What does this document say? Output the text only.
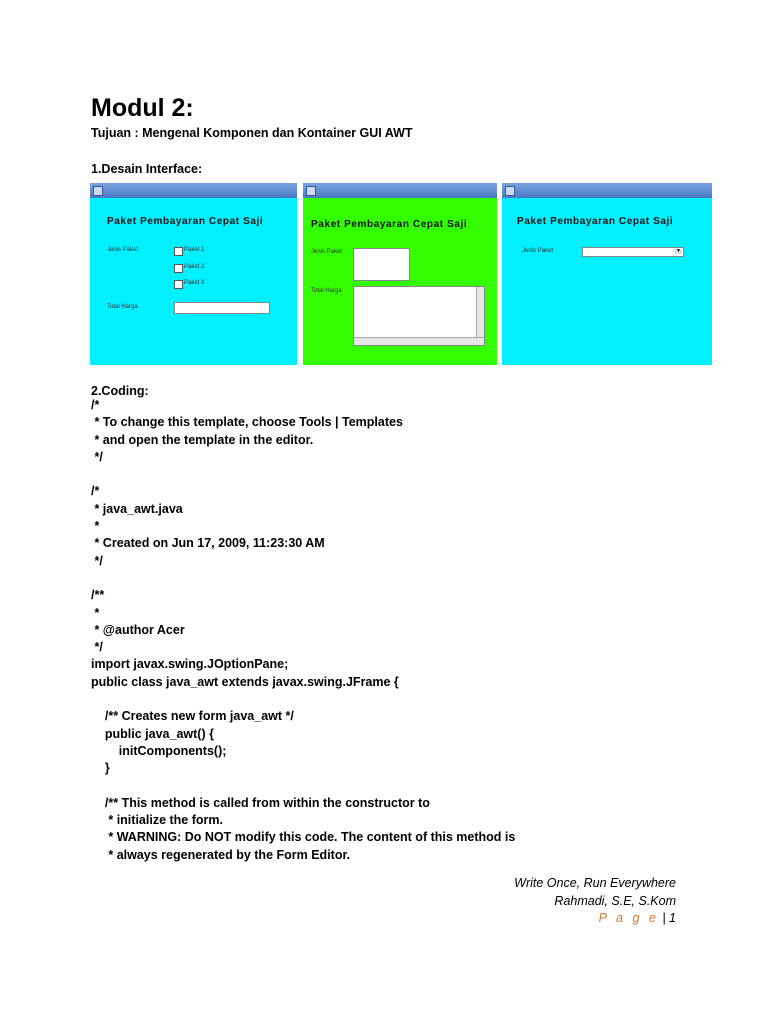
Modul 2:
Tujuan : Mengenal Komponen dan Kontainer GUI AWT
1.Desain Interface:
Paket Pembayaran Cepat Saji
Jenis Paket	Paket 1
Paket 2
Paket 3
Total Harga
Paket Pembayaran Cepat Saji
Jenis Paket
Total Harga
Paket Pembayaran Cepat Saji
Jenis Paket	▼
2.Coding:
/*
* To change this template, choose Tools | Templates
* and open the template in the editor.
*/

/*
* java_awt.java
*
* Created on Jun 17, 2009, 11:23:30 AM
*/

/**
*
* @author Acer
*/
import javax.swing.JOptionPane;
public class java_awt extends javax.swing.JFrame {

/** Creates new form java_awt */
public java_awt() {
initComponents();
}

/** This method is called from within the constructor to
* initialize the form.
* WARNING: Do NOT modify this code. The content of this method is
* always regenerated by the Form Editor.
Write Once, Run Everywhere
Rahmadi, S.E, S.Kom
P a g e | 1
